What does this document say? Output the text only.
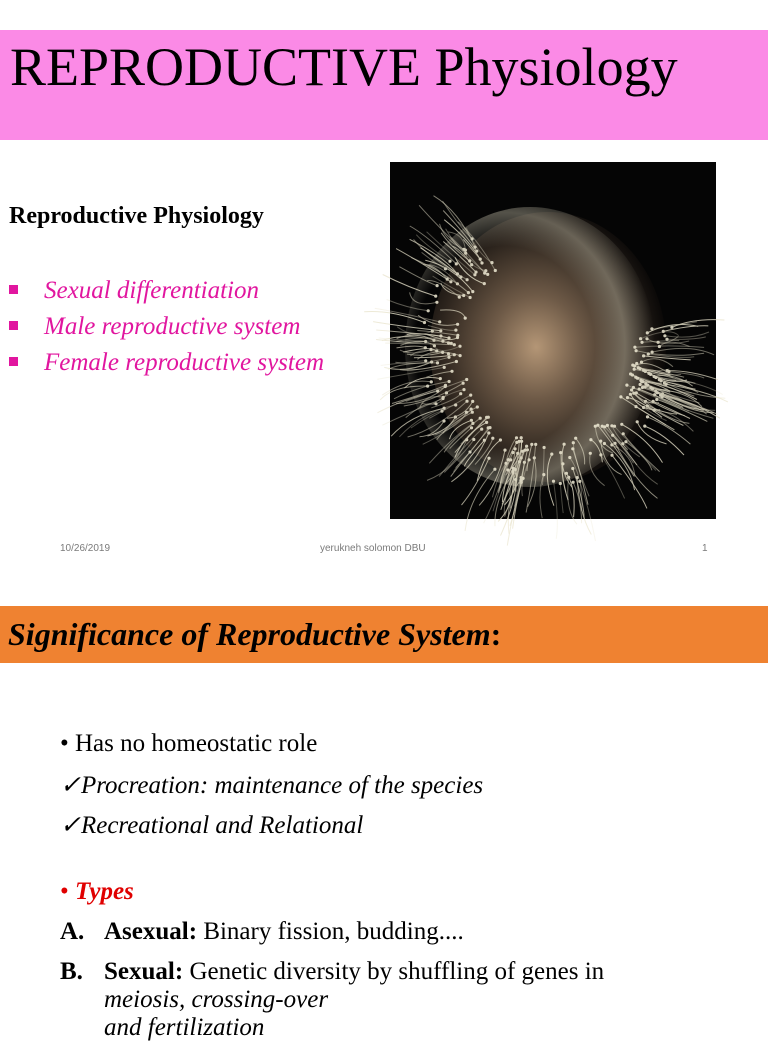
REPRODUCTIVE Physiology
Reproductive Physiology
Sexual differentiation
Male reproductive system
Female reproductive system
10/26/2019	yerukneh solomon DBU	1
Significance of Reproductive System:
• Has no homeostatic role
✓Procreation: maintenance of the species
✓Recreational and Relational
• Types
A. Asexual: Binary fission, budding....
B. Sexual: Genetic diversity by shuffling of genes in
meiosis, crossing-over
and fertilization
